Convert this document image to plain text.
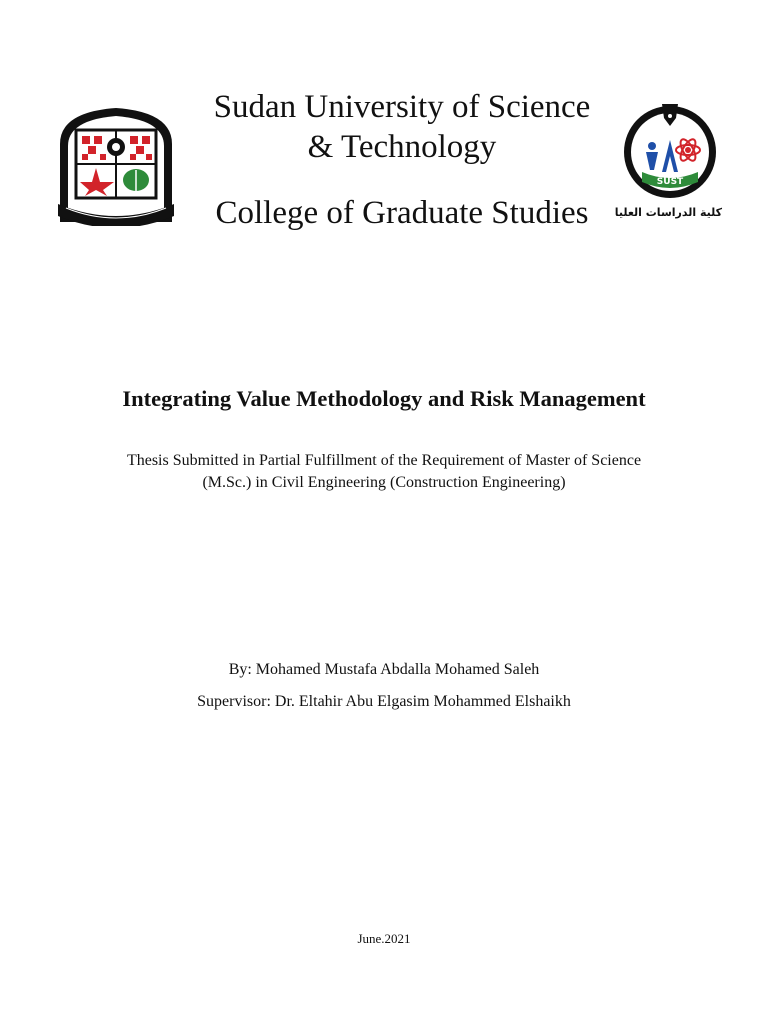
Sudan University of Science
& Technology
College of Graduate Studies
SUST
كلية الدراسات العليا
Integrating Value Methodology and Risk Management
Thesis Submitted in Partial Fulfillment of the Requirement of Master of Science
(M.Sc.) in Civil Engineering (Construction Engineering)
By: Mohamed Mustafa Abdalla Mohamed Saleh
Supervisor: Dr. Eltahir Abu Elgasim Mohammed Elshaikh
June.2021
